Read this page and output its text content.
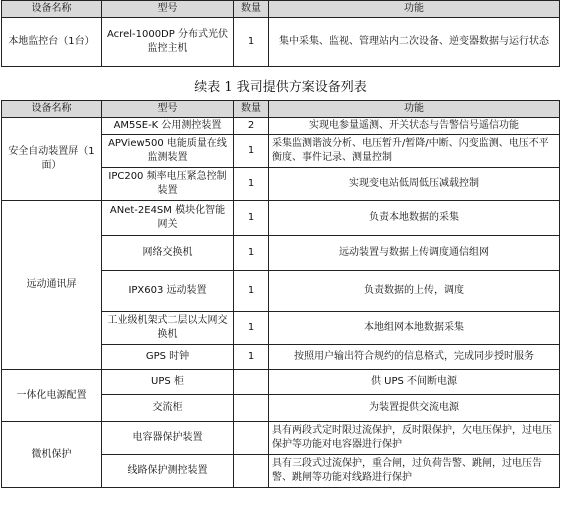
设备名称	型号	数量	功能
本地监控台（1台）	Acrel-1000DP 分布式光伏监控主机	1	集中采集、监视、管理站内二次设备、逆变器数据与运行状态
续表 1 我司提供方案设备列表
设备名称	型号	数量	功能
安全自动装置屏（1面）	AM5SE-K 公用测控装置	2	实现电参量遥测、开关状态与告警信号遥信功能
	APView500 电能质量在线监测装置	1	采集监测谐波分析、电压暂升/暂降/中断、闪变监测、电压不平衡度、事件记录、测量控制
	IPC200 频率电压紧急控制装置	1	实现变电站低周低压减载控制
远动通讯屏	ANet-2E4SM 模块化智能网关	1	负责本地数据的采集
	网络交换机	1	远动装置与数据上传调度通信组网
	IPX603 远动装置	1	负责数据的上传，调度
	工业级机架式二层以太网交换机	1	本地组网本地数据采集
	GPS 时钟	1	按照用户输出符合规约的信息格式，完成同步授时服务
一体化电源配置	UPS 柜		供 UPS 不间断电源
	交流柜		为装置提供交流电源
微机保护	电容器保护装置		具有两段式定时限过流保护，反时限保护，欠电压保护，过电压保护等功能对电容器进行保护
	线路保护测控装置		具有三段式过流保护，重合闸，过负荷告警、跳闸，过电压告警、跳闸等功能对线路进行保护
